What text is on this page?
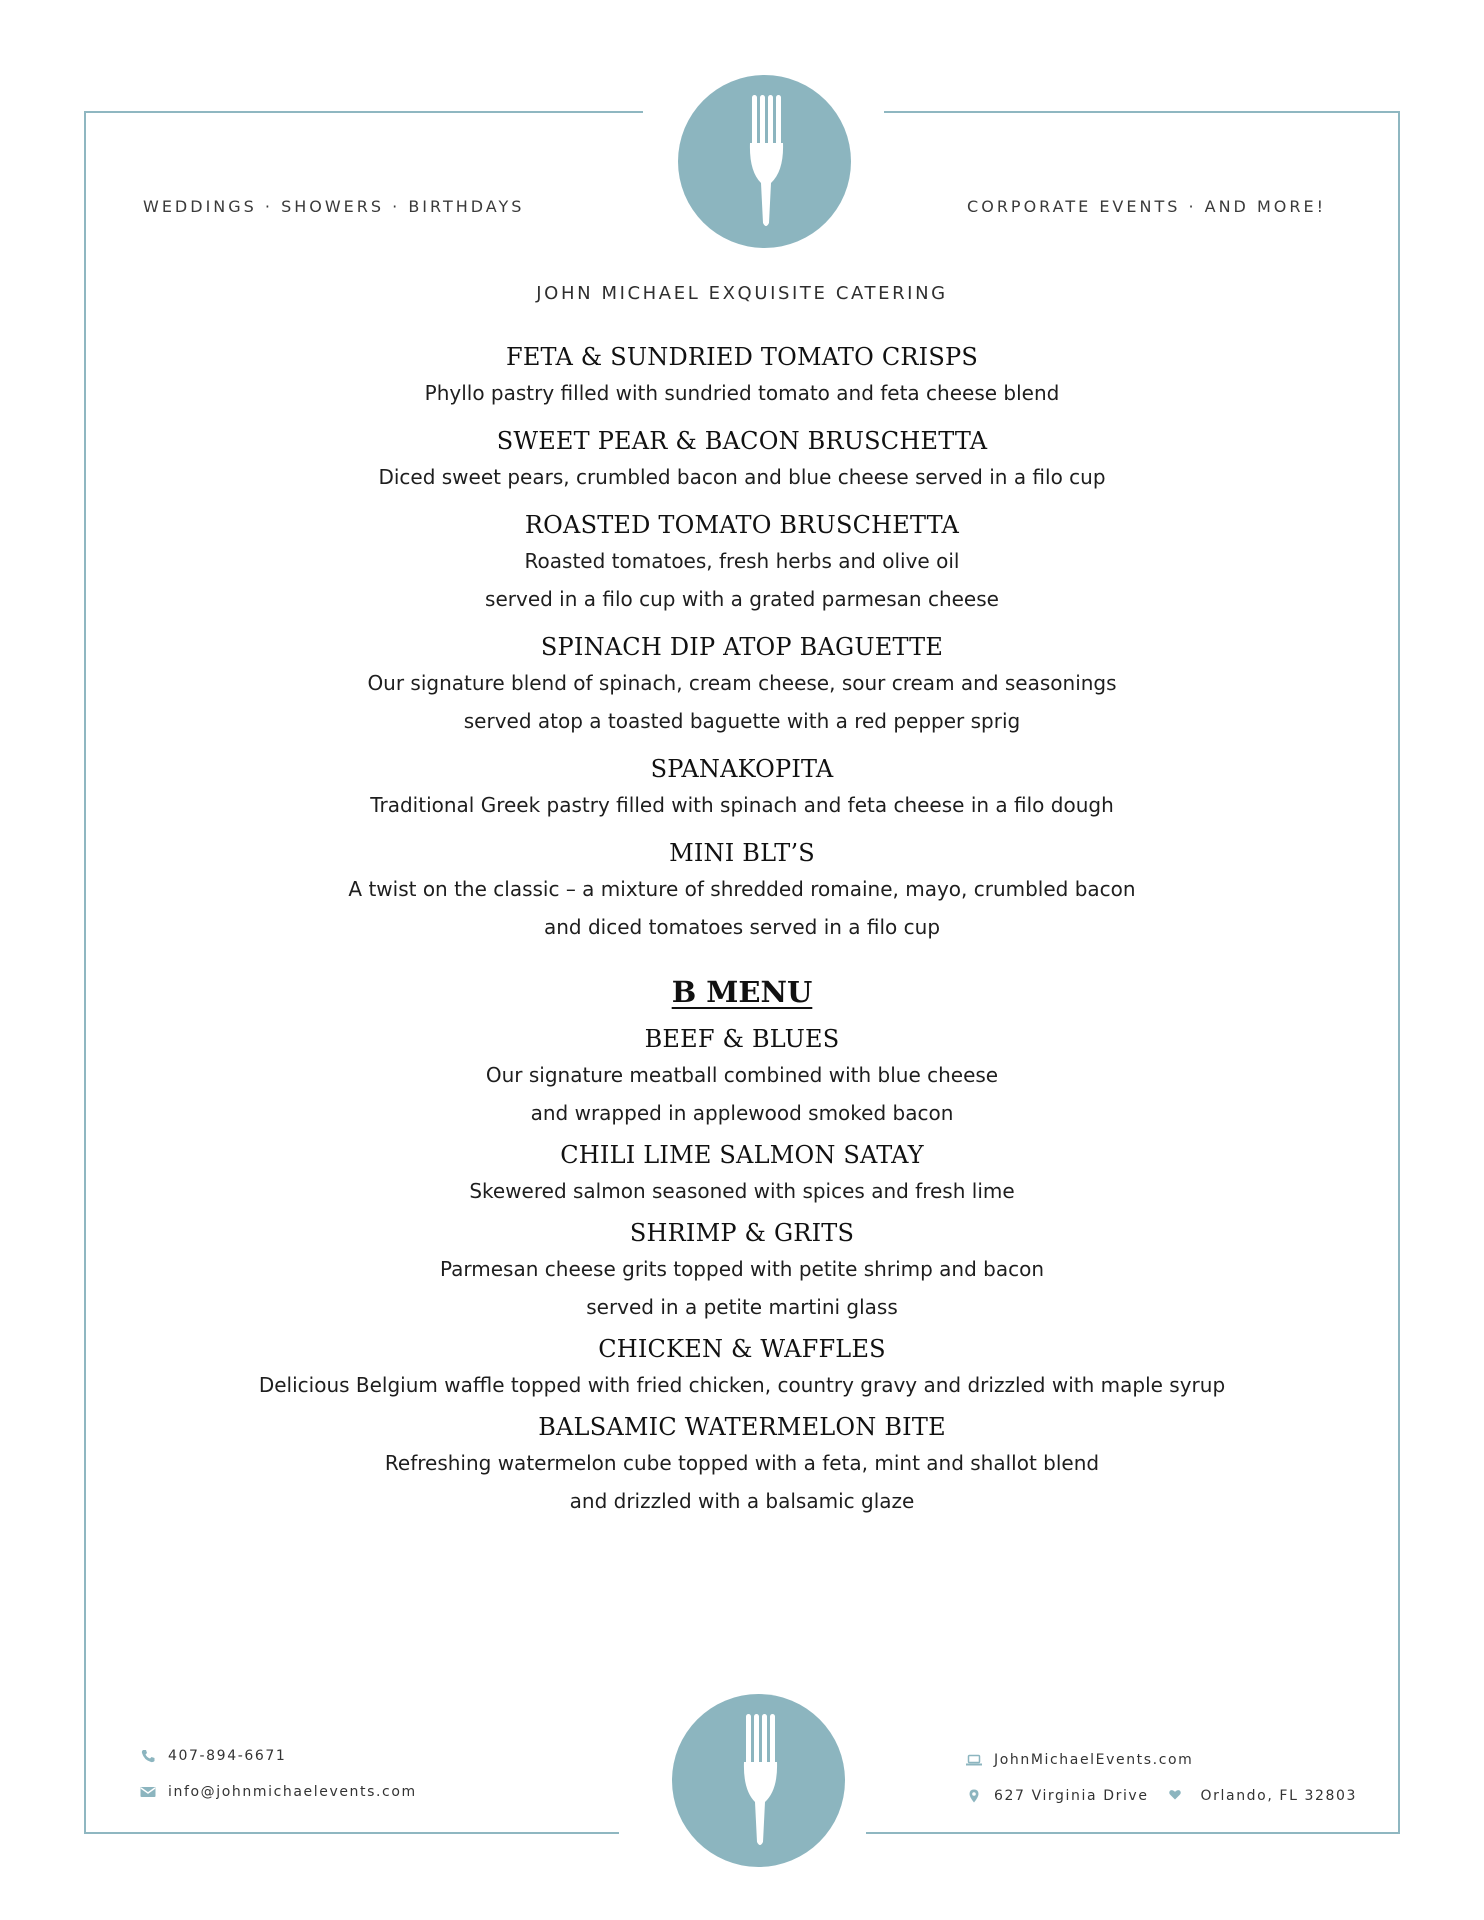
WEDDINGS · SHOWERS · BIRTHDAYS	CORPORATE EVENTS · AND MORE!
JOHN MICHAEL EXQUISITE CATERING
FETA & SUNDRIED TOMATO CRISPS
Phyllo pastry filled with sundried tomato and feta cheese blend
SWEET PEAR & BACON BRUSCHETTA
Diced sweet pears, crumbled bacon and blue cheese served in a filo cup
ROASTED TOMATO BRUSCHETTA
Roasted tomatoes, fresh herbs and olive oil
served in a filo cup with a grated parmesan cheese
SPINACH DIP ATOP BAGUETTE
Our signature blend of spinach, cream cheese, sour cream and seasonings
served atop a toasted baguette with a red pepper sprig
SPANAKOPITA
Traditional Greek pastry filled with spinach and feta cheese in a filo dough
MINI BLT’S
A twist on the classic – a mixture of shredded romaine, mayo, crumbled bacon
and diced tomatoes served in a filo cup
B MENU
BEEF & BLUES
Our signature meatball combined with blue cheese
and wrapped in applewood smoked bacon
CHILI LIME SALMON SATAY
Skewered salmon seasoned with spices and fresh lime
SHRIMP & GRITS
Parmesan cheese grits topped with petite shrimp and bacon
served in a petite martini glass
CHICKEN & WAFFLES
Delicious Belgium waffle topped with fried chicken, country gravy and drizzled with maple syrup
BALSAMIC WATERMELON BITE
Refreshing watermelon cube topped with a feta, mint and shallot blend
and drizzled with a balsamic glaze
407-894-6671
info@johnmichaelevents.com
JohnMichaelEvents.com
627 Virginia Drive	Orlando, FL 32803
